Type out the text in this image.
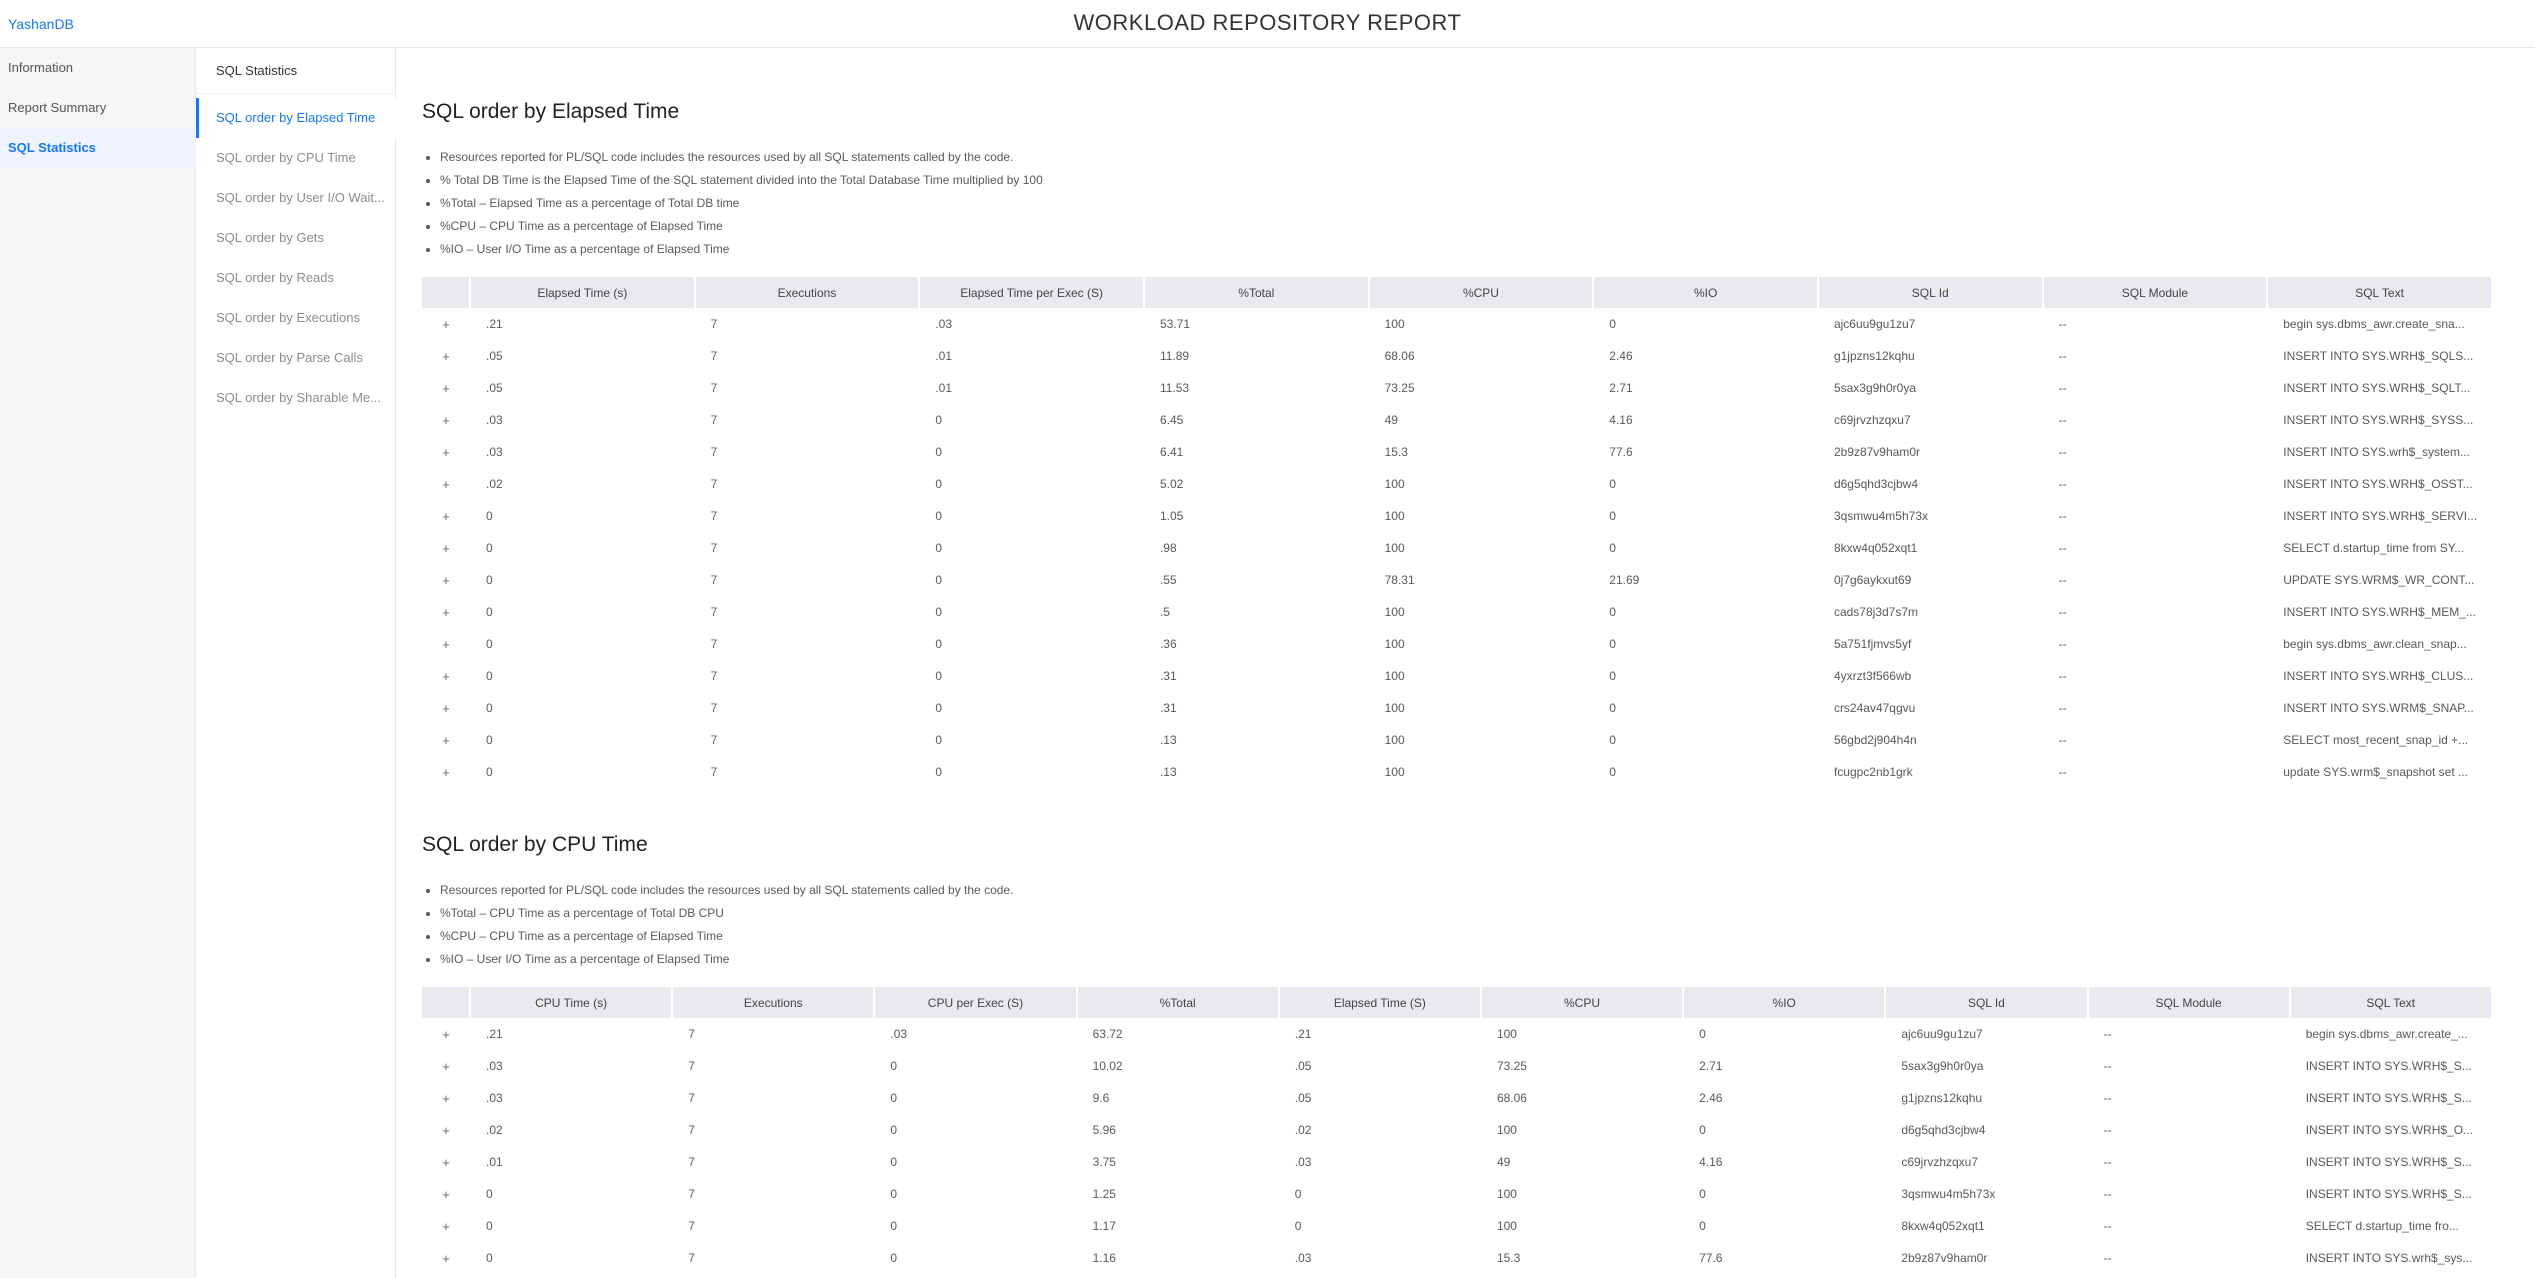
YashanDB	WORKLOAD REPOSITORY REPORT
Information
Report Summary
SQL Statistics
SQL Statistics
SQL order by Elapsed Time
SQL order by CPU Time
SQL order by User I/O Wait...
SQL order by Gets
SQL order by Reads
SQL order by Executions
SQL order by Parse Calls
SQL order by Sharable Me...
SQL order by Elapsed Time
• Resources reported for PL/SQL code includes the resources used by all SQL statements called by the code.
• % Total DB Time is the Elapsed Time of the SQL statement divided into the Total Database Time multiplied by 100
• %Total – Elapsed Time as a percentage of Total DB time
• %CPU – CPU Time as a percentage of Elapsed Time
• %IO – User I/O Time as a percentage of Elapsed Time
	Elapsed Time (s)	Executions	Elapsed Time per Exec (S)	%Total	%CPU	%IO	SQL Id	SQL Module	SQL Text
+	.21	7	.03	53.71	100	0	ajc6uu9gu1zu7	--	begin sys.dbms_awr.create_sna...
+	.05	7	.01	11.89	68.06	2.46	g1jpzns12kqhu	--	INSERT INTO SYS.WRH$_SQLS...
+	.05	7	.01	11.53	73.25	2.71	5sax3g9h0r0ya	--	INSERT INTO SYS.WRH$_SQLT...
+	.03	7	0	6.45	49	4.16	c69jrvzhzqxu7	--	INSERT INTO SYS.WRH$_SYSS...
+	.03	7	0	6.41	15.3	77.6	2b9z87v9ham0r	--	INSERT INTO SYS.wrh$_system...
+	.02	7	0	5.02	100	0	d6g5qhd3cjbw4	--	INSERT INTO SYS.WRH$_OSST...
+	0	7	0	1.05	100	0	3qsmwu4m5h73x	--	INSERT INTO SYS.WRH$_SERVI...
+	0	7	0	.98	100	0	8kxw4q052xqt1	--	SELECT d.startup_time from SY...
+	0	7	0	.55	78.31	21.69	0j7g6aykxut69	--	UPDATE SYS.WRM$_WR_CONT...
+	0	7	0	.5	100	0	cads78j3d7s7m	--	INSERT INTO SYS.WRH$_MEM_...
+	0	7	0	.36	100	0	5a751fjmvs5yf	--	begin sys.dbms_awr.clean_snap...
+	0	7	0	.31	100	0	4yxrzt3f566wb	--	INSERT INTO SYS.WRH$_CLUS...
+	0	7	0	.31	100	0	crs24av47qgvu	--	INSERT INTO SYS.WRM$_SNAP...
+	0	7	0	.13	100	0	56gbd2j904h4n	--	SELECT most_recent_snap_id +...
+	0	7	0	.13	100	0	fcugpc2nb1grk	--	update SYS.wrm$_snapshot set ...
SQL order by CPU Time
• Resources reported for PL/SQL code includes the resources used by all SQL statements called by the code.
• %Total – CPU Time as a percentage of Total DB CPU
• %CPU – CPU Time as a percentage of Elapsed Time
• %IO – User I/O Time as a percentage of Elapsed Time
	CPU Time (s)	Executions	CPU per Exec (S)	%Total	Elapsed Time (S)	%CPU	%IO	SQL Id	SQL Module	SQL Text
+	.21	7	.03	63.72	.21	100	0	ajc6uu9gu1zu7	--	begin sys.dbms_awr.create_...
+	.03	7	0	10.02	.05	73.25	2.71	5sax3g9h0r0ya	--	INSERT INTO SYS.WRH$_S...
+	.03	7	0	9.6	.05	68.06	2.46	g1jpzns12kqhu	--	INSERT INTO SYS.WRH$_S...
+	.02	7	0	5.96	.02	100	0	d6g5qhd3cjbw4	--	INSERT INTO SYS.WRH$_O...
+	.01	7	0	3.75	.03	49	4.16	c69jrvzhzqxu7	--	INSERT INTO SYS.WRH$_S...
+	0	7	0	1.25	0	100	0	3qsmwu4m5h73x	--	INSERT INTO SYS.WRH$_S...
+	0	7	0	1.17	0	100	0	8kxw4q052xqt1	--	SELECT d.startup_time fro...
+	0	7	0	1.16	.03	15.3	77.6	2b9z87v9ham0r	--	INSERT INTO SYS.wrh$_sys...
